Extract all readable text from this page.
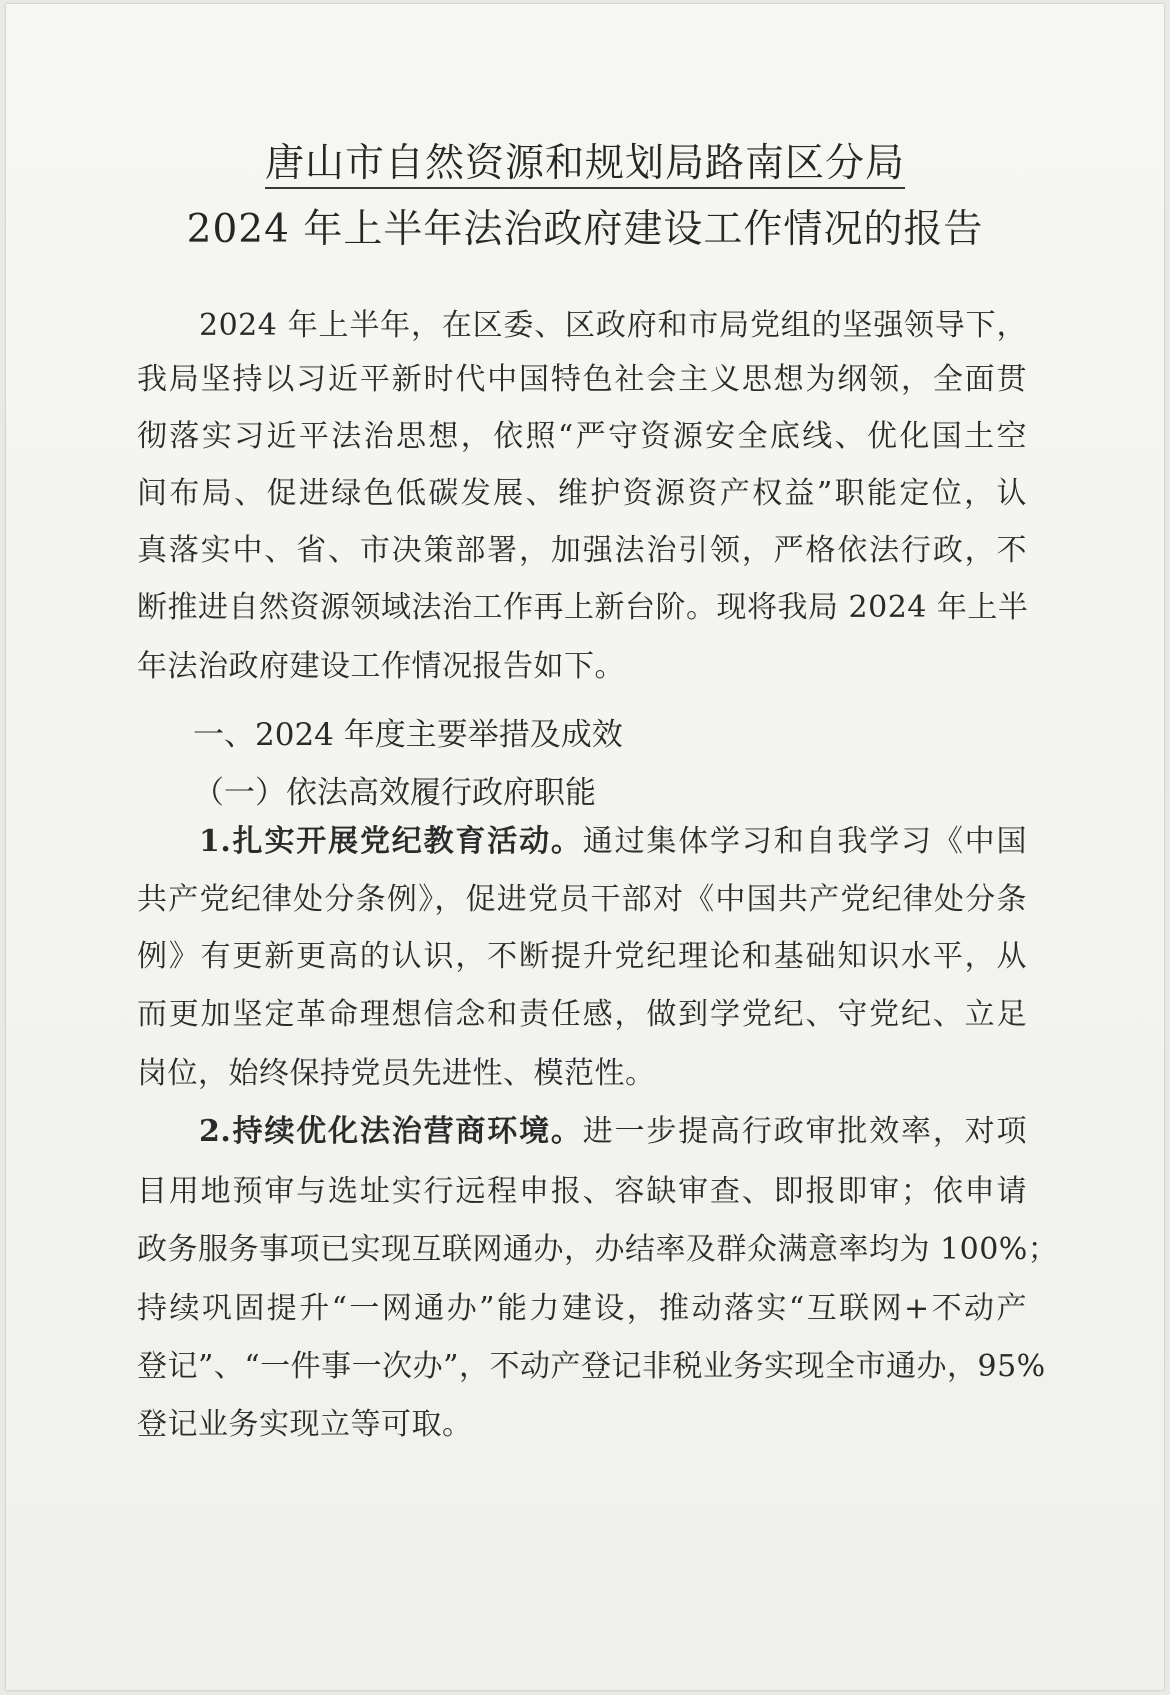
唐山市自然资源和规划局路南区分局
2024 年上半年法治政府建设工作情况的报告
2024 年上半年，在区委、区政府和市局党组的坚强领导下，
我局坚持以习近平新时代中国特色社会主义思想为纲领，全面贯
彻落实习近平法治思想，依照“严守资源安全底线、优化国土空
间布局、促进绿色低碳发展、维护资源资产权益”职能定位，认
真落实中、省、市决策部署，加强法治引领，严格依法行政，不
断推进自然资源领域法治工作再上新台阶。现将我局 2024 年上半
年法治政府建设工作情况报告如下。
一、2024 年度主要举措及成效
（一）依法高效履行政府职能
1.扎实开展党纪教育活动。通过集体学习和自我学习《中国
共产党纪律处分条例》，促进党员干部对《中国共产党纪律处分条
例》有更新更高的认识，不断提升党纪理论和基础知识水平，从
而更加坚定革命理想信念和责任感，做到学党纪、守党纪、立足
岗位，始终保持党员先进性、模范性。
2.持续优化法治营商环境。进一步提高行政审批效率，对项
目用地预审与选址实行远程申报、容缺审查、即报即审；依申请
政务服务事项已实现互联网通办，办结率及群众满意率均为 100%；
持续巩固提升“一网通办”能力建设，推动落实“互联网+不动产
登记”、“一件事一次办”，不动产登记非税业务实现全市通办，95%
登记业务实现立等可取。
